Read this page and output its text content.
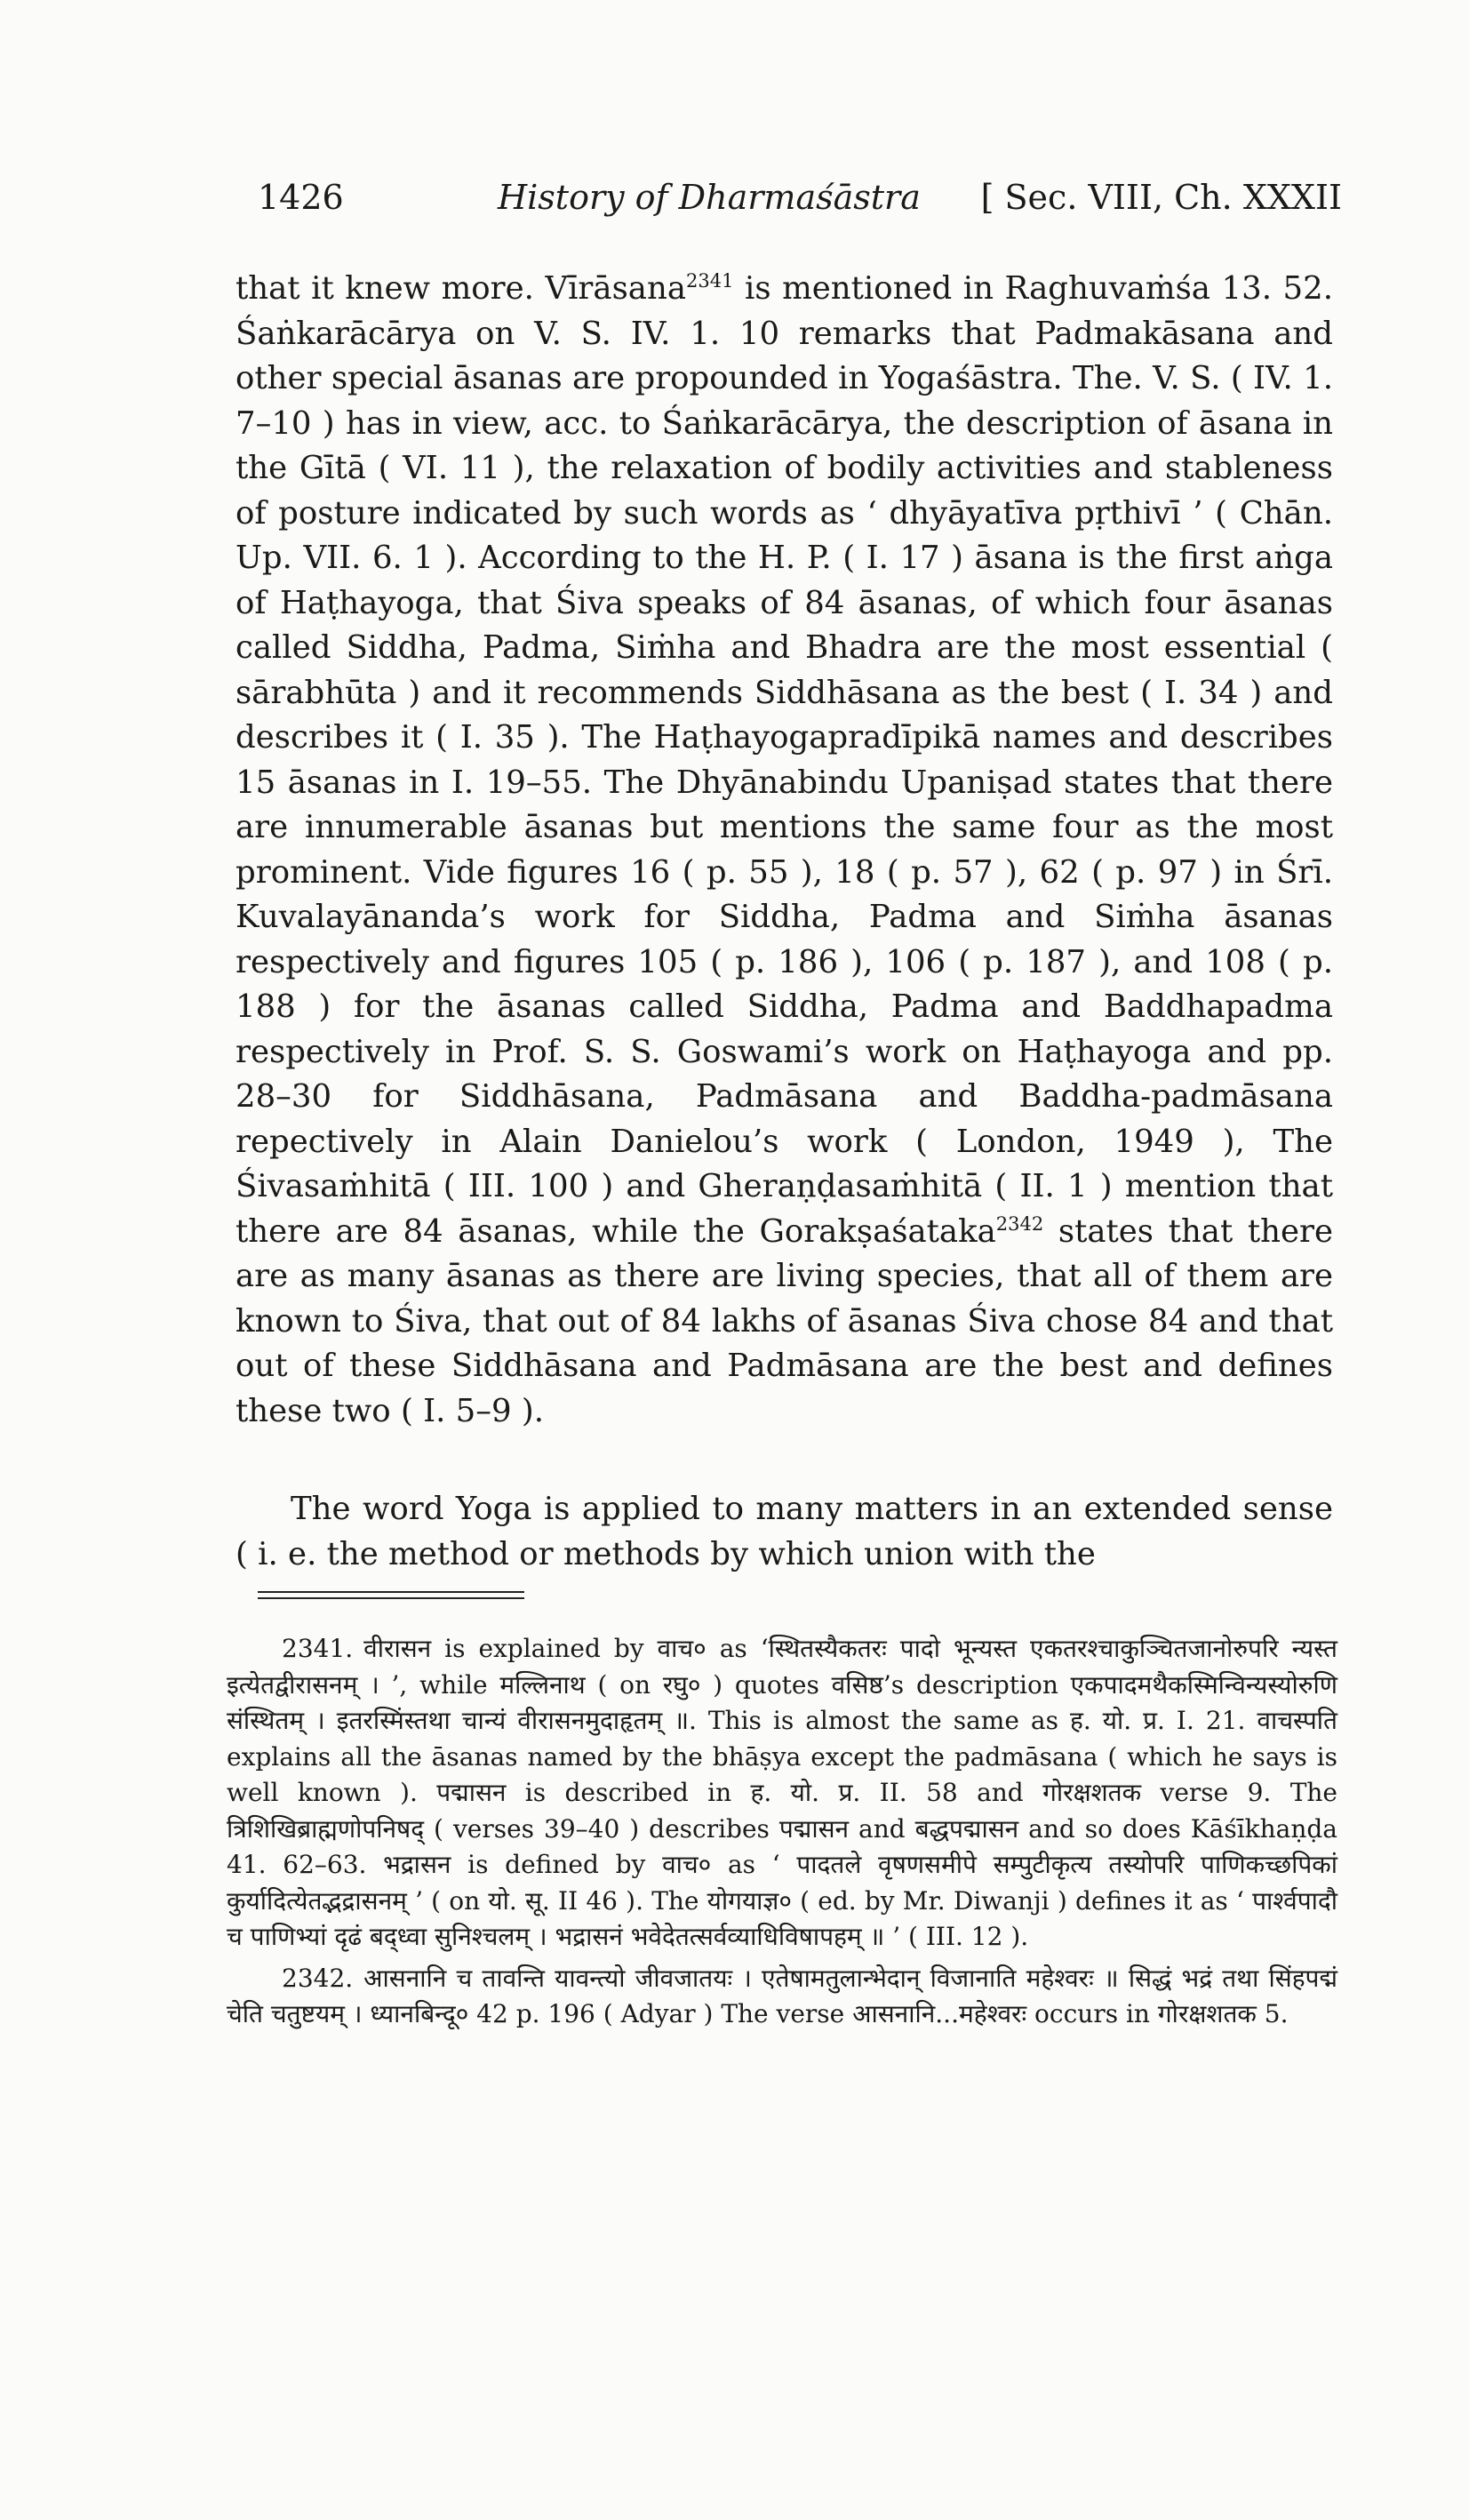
1426	History of Dharmaśāstra [ Sec. VIII, Ch. XXXII

that it knew more. Vīrāsana$^{2341}$ is mentioned in Raghuvaṁśa 13. 52. Śaṅkarācārya on V. S. IV. 1. 10 remarks that Padmakāsana and other special āsanas are propounded in Yogaśāstra. The. V. S. ( IV. 1. 7–10 ) has in view, acc. to Śaṅkarācārya, the description of āsana in the Gītā ( VI. 11 ), the relaxation of bodily activities and stableness of posture indicated by such words as ‘ dhyāyatīva pṛthivī ’ ( Chān. Up. VII. 6. 1 ). According to the H. P. ( I. 17 ) āsana is the first aṅga of Haṭhayoga, that Śiva speaks of 84 āsanas, of which four āsanas called Siddha, Padma, Siṁha and Bhadra are the most essential ( sārabhūta ) and it recommends Siddhāsana as the best ( I. 34 ) and describes it ( I. 35 ). The Haṭhayogapradīpikā names and describes 15 āsanas in I. 19–55. The Dhyānabindu Upaniṣad states that there are innumerable āsanas but mentions the same four as the most prominent. Vide figures 16 ( p. 55 ), 18 ( p. 57 ), 62 ( p. 97 ) in Śrī. Kuvalayānanda’s work for Siddha, Padma and Siṁha āsanas respectively and figures 105 ( p. 186 ), 106 ( p. 187 ), and 108 ( p. 188 ) for the āsanas called Siddha, Padma and Baddhapadma respectively in Prof. S. S. Goswami’s work on Haṭhayoga and pp. 28–30 for Siddhāsana, Padmāsana and Baddha-padmāsana repectively in Alain Danielou’s work ( London, 1949 ), The Śivasaṁhitā ( III. 100 ) and Gheraṇḍasaṁhitā ( II. 1 ) mention that there are 84 āsanas, while the Gorakṣaśataka$^{2342}$ states that there are as many āsanas as there are living species, that all of them are known to Śiva, that out of 84 lakhs of āsanas Śiva chose 84 and that out of these Siddhāsana and Padmāsana are the best and defines these two ( I. 5–9 ).

The word Yoga is applied to many matters in an extended sense ( i. e. the method or methods by which union with the

2341. वीरासन is explained by वाच० as ‘स्थितस्यैकतरः पादो भून्यस्त एकतरश्चाकुञ्चितजानोरुपरि न्यस्त इत्येतद्वीरासनम् । ’, while मल्लिनाथ ( on रघु० ) quotes वसिष्ठ’s description एकपादमथैकस्मिन्विन्यस्योरुणि संस्थितम् । इतरस्मिंस्तथा चान्यं वीरासनमुदाहृतम् ॥. This is almost the same as ह. यो. प्र. I. 21. वाचस्पति explains all the āsanas named by the bhāṣya except the padmāsana ( which he says is well known ). पद्मासन is described in ह. यो. प्र. II. 58 and गोरक्षशतक verse 9. The त्रिशिखिब्राह्मणोपनिषद् ( verses 39–40 ) describes पद्मासन and बद्धपद्मासन and so does Kāśīkhaṇḍa 41. 62–63. भद्रासन is defined by वाच० as ‘ पादतले वृषणसमीपे सम्पुटीकृत्य तस्योपरि पाणिकच्छपिकां कुर्यादित्येतद्भद्रासनम् ’ ( on यो. सू. II 46 ). The योगयाज्ञ० ( ed. by Mr. Diwanji ) defines it as ‘ पार्श्वपादौ च पाणिभ्यां दृढं बद्ध्वा सुनिश्चलम् । भद्रासनं भवेदेतत्सर्वव्याधिविषापहम् ॥ ’ ( III. 12 ).

2342. आसनानि च तावन्ति यावन्त्यो जीवजातयः । एतेषामतुलान्भेदान् विजानाति महेश्वरः ॥ सिद्धं भद्रं तथा सिंहपद्मं चेति चतुष्टयम् । ध्यानबिन्दू० 42 p. 196 ( Adyar ) The verse आसनानि...महेश्वरः occurs in गोरक्षशतक 5.
